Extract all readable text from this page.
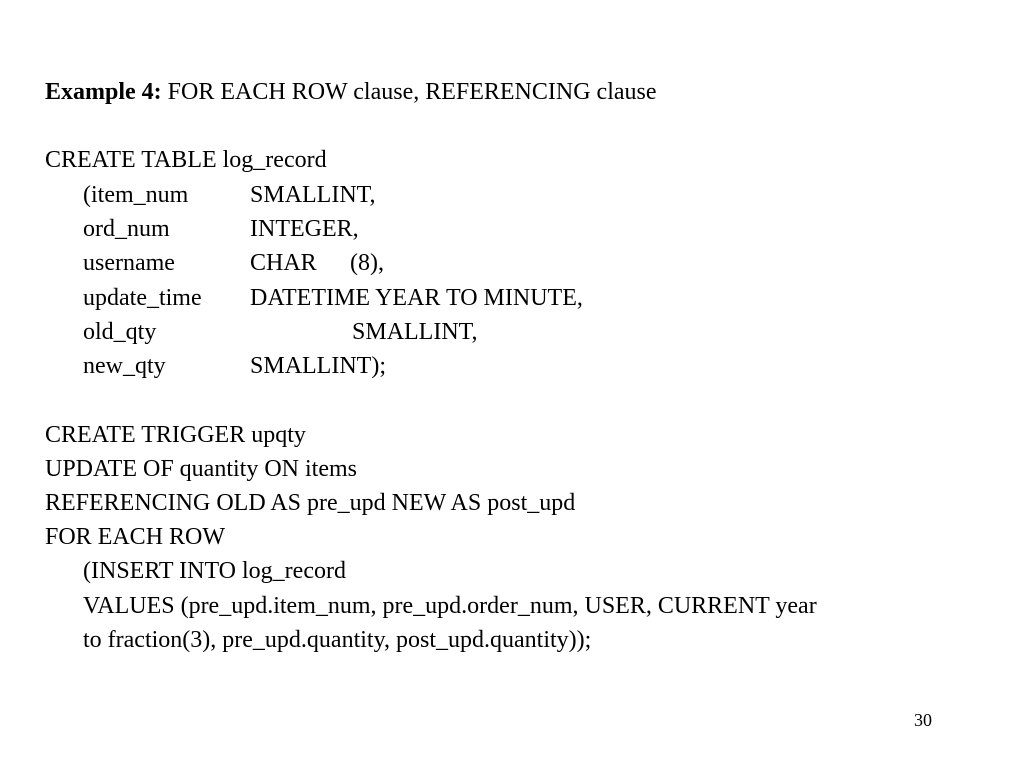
Example 4: FOR EACH ROW clause, REFERENCING clause
CREATE TABLE log_record
(item_num	SMALLINT,
ord_num	INTEGER,
username	CHAR (8),
update_time DATETIME YEAR TO MINUTE,
old_qty	SMALLINT,
new_qty	SMALLINT);
CREATE TRIGGER upqty
UPDATE OF quantity ON items
REFERENCING OLD AS pre_upd NEW AS post_upd
FOR EACH ROW
(INSERT INTO log_record
VALUES (pre_upd.item_num, pre_upd.order_num, USER, CURRENT year
to fraction(3), pre_upd.quantity, post_upd.quantity));
30
